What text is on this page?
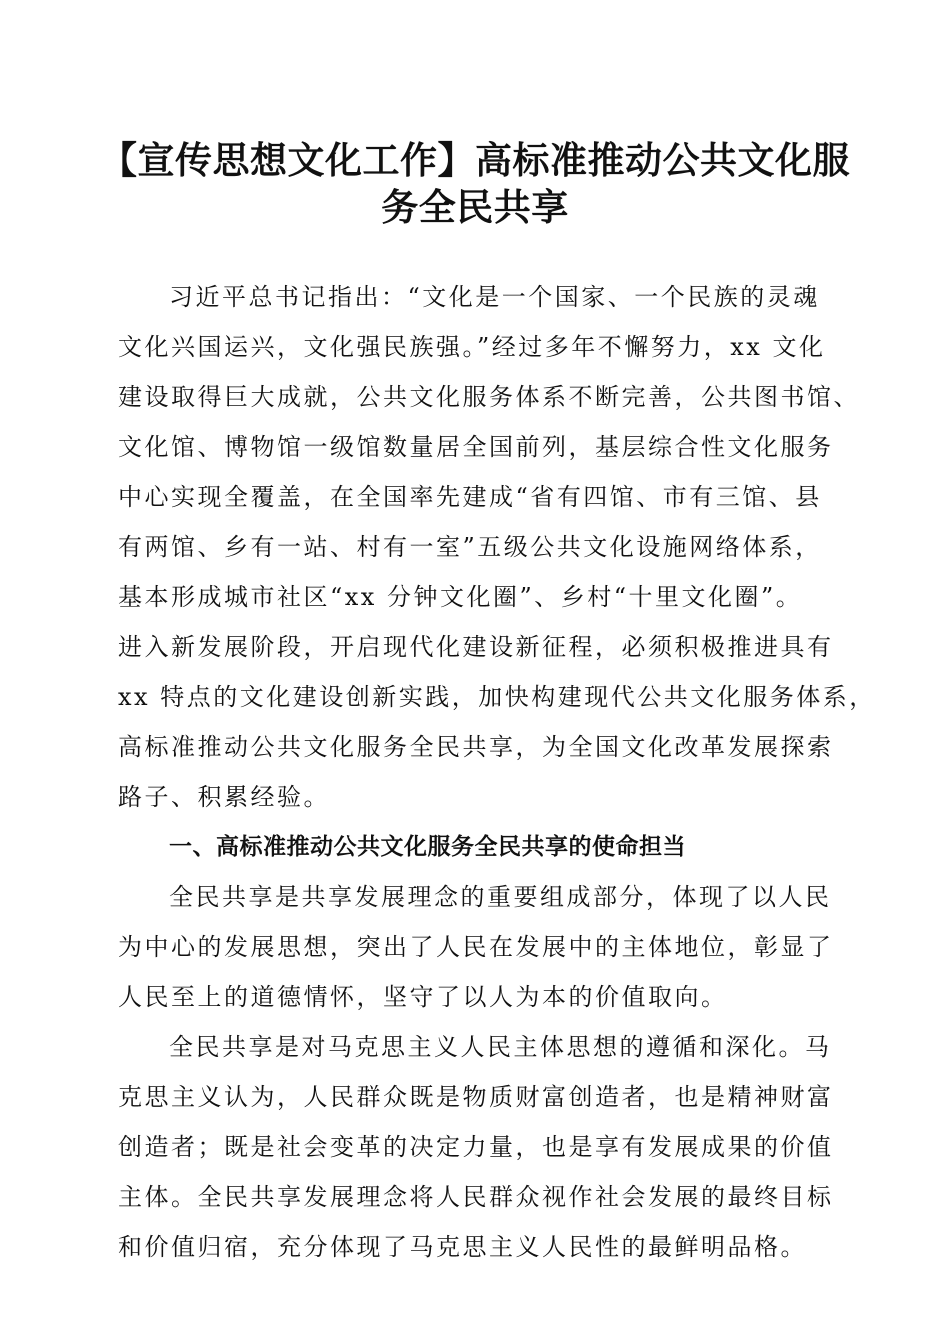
【宣传思想文化工作】高标准推动公共文化服
务全民共享
习近平总书记指出：“文化是一个国家、一个民族的灵魂
文化兴国运兴，文化强民族强。”经过多年不懈努力，xx 文化
建设取得巨大成就，公共文化服务体系不断完善，公共图书馆、
文化馆、博物馆一级馆数量居全国前列，基层综合性文化服务
中心实现全覆盖，在全国率先建成“省有四馆、市有三馆、县
有两馆、乡有一站、村有一室”五级公共文化设施网络体系，
基本形成城市社区“xx 分钟文化圈”、乡村“十里文化圈”。
进入新发展阶段，开启现代化建设新征程，必须积极推进具有
xx 特点的文化建设创新实践，加快构建现代公共文化服务体系，
高标准推动公共文化服务全民共享，为全国文化改革发展探索
路子、积累经验。
一、高标准推动公共文化服务全民共享的使命担当
全民共享是共享发展理念的重要组成部分，体现了以人民
为中心的发展思想，突出了人民在发展中的主体地位，彰显了
人民至上的道德情怀，坚守了以人为本的价值取向。
全民共享是对马克思主义人民主体思想的遵循和深化。马
克思主义认为，人民群众既是物质财富创造者，也是精神财富
创造者；既是社会变革的决定力量，也是享有发展成果的价值
主体。全民共享发展理念将人民群众视作社会发展的最终目标
和价值归宿，充分体现了马克思主义人民性的最鲜明品格。
